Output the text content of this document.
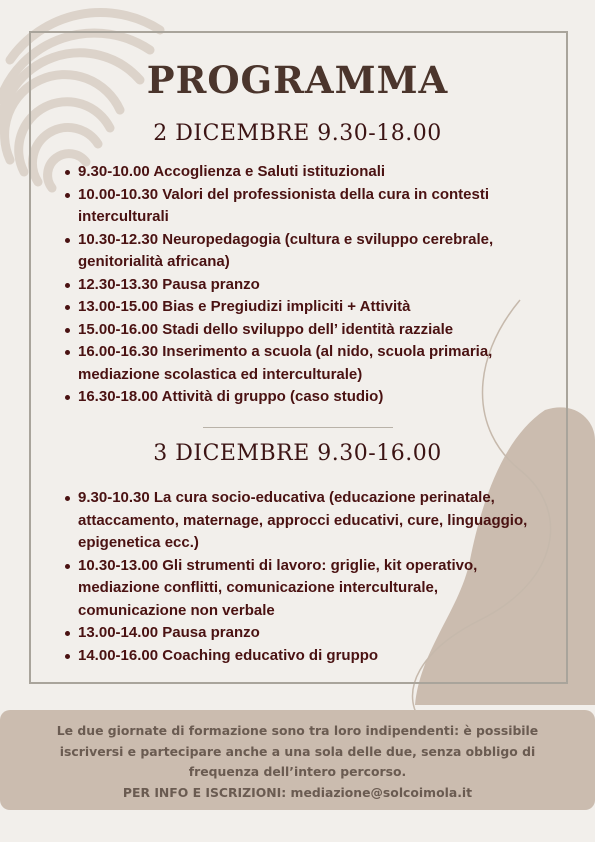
PROGRAMMA
2 DICEMBRE 9.30-18.00
9.30-10.00 Accoglienza e Saluti istituzionali
10.00-10.30 Valori del professionista della cura in contesti interculturali
10.30-12.30 Neuropedagogia (cultura e sviluppo cerebrale, genitorialità africana)
12.30-13.30 Pausa pranzo
13.00-15.00 Bias e Pregiudizi impliciti + Attività
15.00-16.00 Stadi dello sviluppo dell’ identità razziale
16.00-16.30 Inserimento a scuola (al nido, scuola primaria, mediazione scolastica ed interculturale)
16.30-18.00 Attività di gruppo (caso studio)
3 DICEMBRE 9.30-16.00
9.30-10.30 La cura socio-educativa (educazione perinatale, attaccamento, maternage, approcci educativi, cure, linguaggio, epigenetica ecc.)
10.30-13.00 Gli strumenti di lavoro: griglie, kit operativo, mediazione conflitti, comunicazione interculturale, comunicazione non verbale
13.00-14.00 Pausa pranzo
14.00-16.00 Coaching educativo di gruppo

Le due giornate di formazione sono tra loro indipendenti: è possibile iscriversi e partecipare anche a una sola delle due, senza obbligo di frequenza dell’intero percorso.

PER INFO E ISCRIZIONI: mediazione@solcoimola.it
